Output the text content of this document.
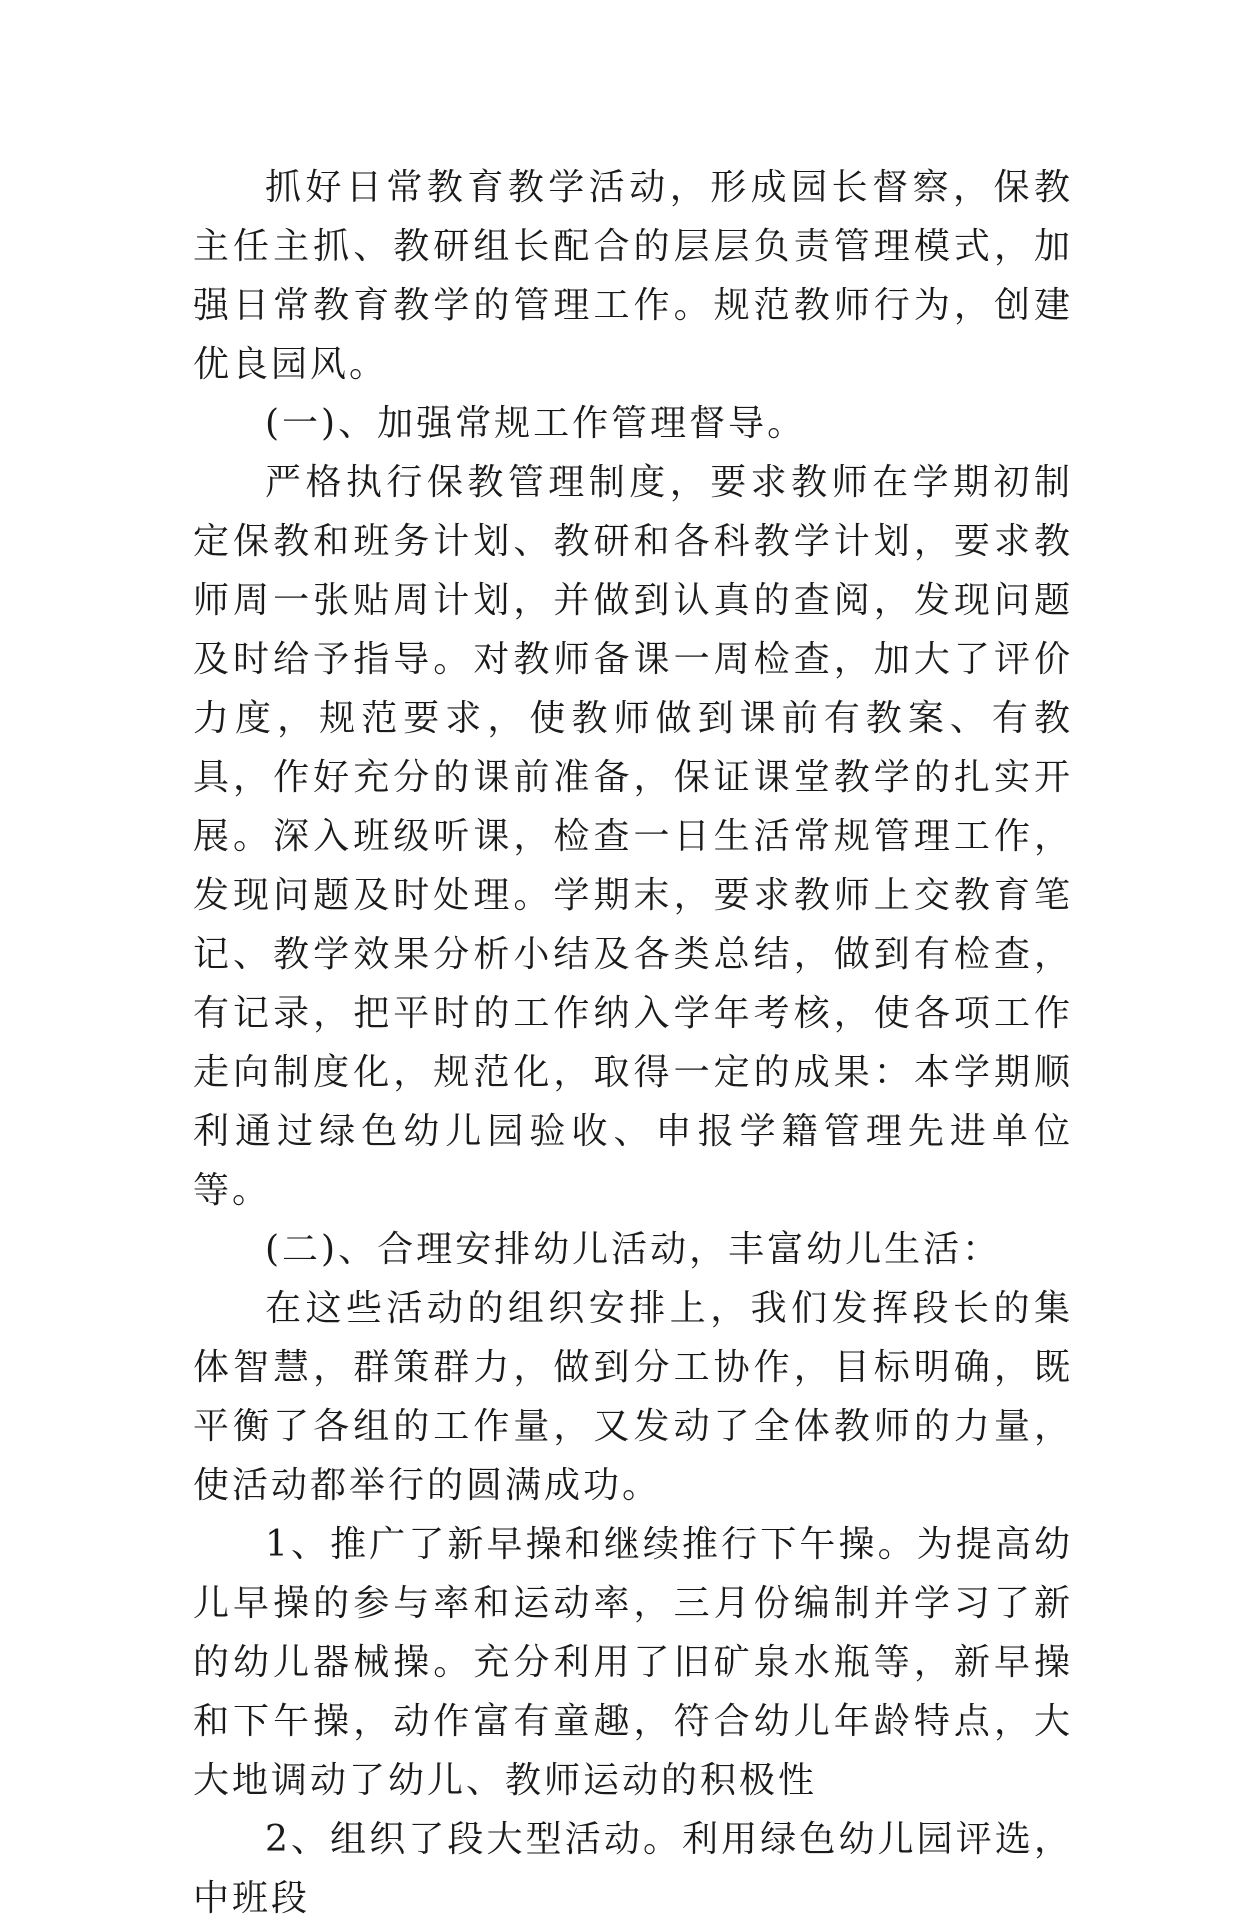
抓好日常教育教学活动，形成园长督察，保教主任主抓、教研组长配合的层层负责管理模式，加强日常教育教学的管理工作。规范教师行为，创建优良园风。

(一)、加强常规工作管理督导。

严格执行保教管理制度，要求教师在学期初制定保教和班务计划、教研和各科教学计划，要求教师周一张贴周计划，并做到认真的查阅，发现问题及时给予指导。对教师备课一周检查，加大了评价力度，规范要求，使教师做到课前有教案、有教具，作好充分的课前准备，保证课堂教学的扎实开展。深入班级听课，检查一日生活常规管理工作，发现问题及时处理。学期末，要求教师上交教育笔记、教学效果分析小结及各类总结，做到有检查，有记录，把平时的工作纳入学年考核，使各项工作走向制度化，规范化，取得一定的成果：本学期顺利通过绿色幼儿园验收、申报学籍管理先进单位等。

(二)、合理安排幼儿活动，丰富幼儿生活：

在这些活动的组织安排上，我们发挥段长的集体智慧，群策群力，做到分工协作，目标明确，既平衡了各组的工作量，又发动了全体教师的力量，使活动都举行的圆满成功。

1、推广了新早操和继续推行下午操。为提高幼儿早操的参与率和运动率，三月份编制并学习了新的幼儿器械操。充分利用了旧矿泉水瓶等，新早操和下午操，动作富有童趣，符合幼儿年龄特点，大大地调动了幼儿、教师运动的积极性

2、组织了段大型活动。利用绿色幼儿园评选，中班段
